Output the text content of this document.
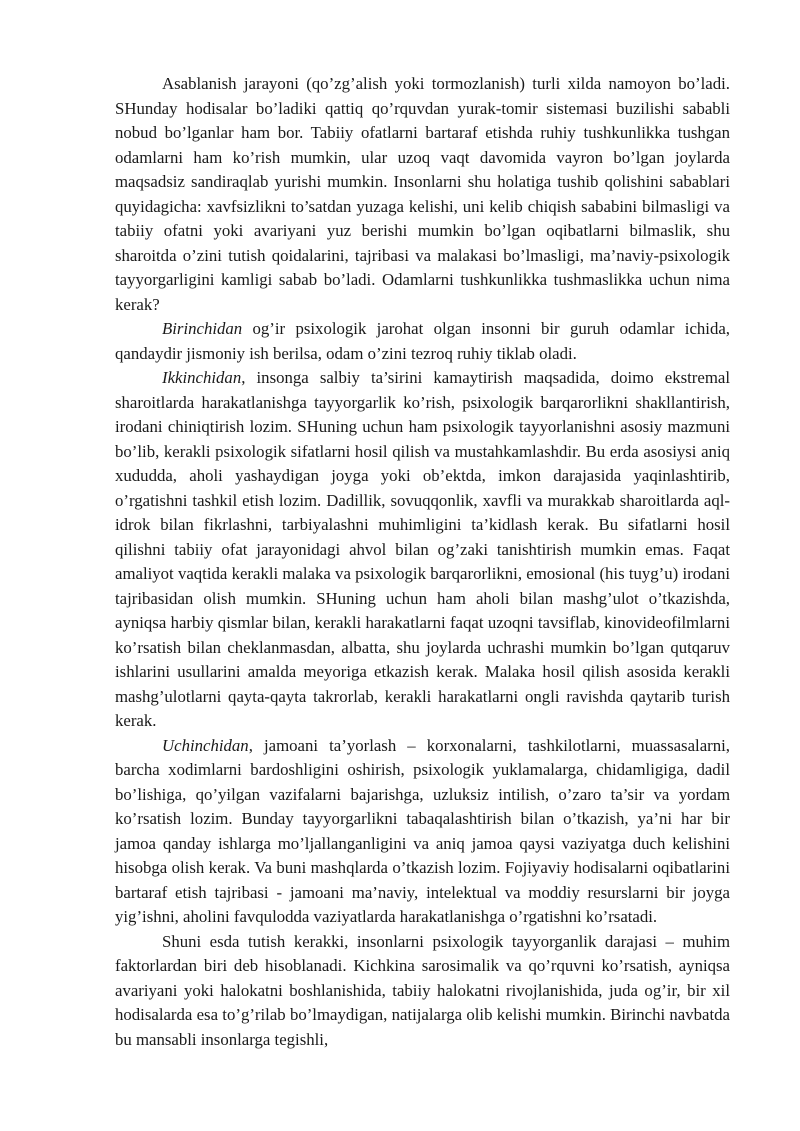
Asablanish jarayoni (qo’zg’alish yoki tormozlanish) turli xilda namoyon bo’ladi. SHunday hodisalar bo’ladiki qattiq qo’rquvdan yurak-tomir sistemasi buzilishi sababli nobud bo’lganlar ham bor. Tabiiy ofatlarni bartaraf etishda ruhiy tushkunlikka tushgan odamlarni ham ko’rish mumkin, ular uzoq vaqt davomida vayron bo’lgan joylarda maqsadsiz sandiraqlab yurishi mumkin. Insonlarni shu holatiga tushib qolishini sabablari quyidagicha: xavfsizlikni to’satdan yuzaga kelishi, uni kelib chiqish sababini bilmasligi va tabiiy ofatni yoki avariyani yuz berishi mumkin bo’lgan oqibatlarni bilmaslik, shu sharoitda o’zini tutish qoidalarini, tajribasi va malakasi bo’lmasligi, ma’naviy-psixologik tayyorgarligini kamligi sabab bo’ladi. Odamlarni tushkunlikka tushmaslikka uchun nima kerak?

Birinchidan og’ir psixologik jarohat olgan insonni bir guruh odamlar ichida, qandaydir jismoniy ish berilsa, odam o’zini tezroq ruhiy tiklab oladi.

Ikkinchidan, insonga salbiy ta’sirini kamaytirish maqsadida, doimo ekstremal sharoitlarda harakatlanishga tayyorgarlik ko’rish, psixologik barqarorlikni shakllantirish, irodani chiniqtirish lozim. SHuning uchun ham psixologik tayyorlanishni asosiy mazmuni bo’lib, kerakli psixologik sifatlarni hosil qilish va mustahkamlashdir. Bu erda asosiysi aniq xududda, aholi yashaydigan joyga yoki ob’ektda, imkon darajasida yaqinlashtirib, o’rgatishni tashkil etish lozim. Dadillik, sovuqqonlik, xavfli va murakkab sharoitlarda aql-idrok bilan fikrlashni, tarbiyalashni muhimligini ta’kidlash kerak. Bu sifatlarni hosil qilishni tabiiy ofat jarayonidagi ahvol bilan og’zaki tanishtirish mumkin emas. Faqat amaliyot vaqtida kerakli malaka va psixologik barqarorlikni, emosional (his tuyg’u) irodani tajribasidan olish mumkin. SHuning uchun ham aholi bilan mashg’ulot o’tkazishda, ayniqsa harbiy qismlar bilan, kerakli harakatlarni faqat uzoqni tavsiflab, kinovideofilmlarni ko’rsatish bilan cheklanmasdan, albatta, shu joylarda uchrashi mumkin bo’lgan qutqaruv ishlarini usullarini amalda meyoriga etkazish kerak. Malaka hosil qilish asosida kerakli mashg’ulotlarni qayta-qayta takrorlab, kerakli harakatlarni ongli ravishda qaytarib turish kerak.

Uchinchidan, jamoani ta’yorlash – korxonalarni, tashkilotlarni, muassasalarni, barcha xodimlarni bardoshligini oshirish, psixologik yuklamalarga, chidamligiga, dadil bo’lishiga, qo’yilgan vazifalarni bajarishga, uzluksiz intilish, o’zaro ta’sir va yordam ko’rsatish lozim. Bunday tayyorgarlikni tabaqalashtirish bilan o’tkazish, ya’ni har bir jamoa qanday ishlarga mo’ljallanganligini va aniq jamoa qaysi vaziyatga duch kelishini hisobga olish kerak. Va buni mashqlarda o’tkazish lozim. Fojiyaviy hodisalarni oqibatlarini bartaraf etish tajribasi - jamoani ma’naviy, intelektual va moddiy resurslarni bir joyga yig’ishni, aholini favqulodda vaziyatlarda harakatlanishga o’rgatishni ko’rsatadi.

Shuni esda tutish kerakki, insonlarni psixologik tayyorganlik darajasi – muhim faktorlardan biri deb hisoblanadi. Kichkina sarosimalik va qo’rquvni ko’rsatish, ayniqsa avariyani yoki halokatni boshlanishida, tabiiy halokatni rivojlanishida, juda og’ir, bir xil hodisalarda esa to’g’rilab bo’lmaydigan, natijalarga olib kelishi mumkin. Birinchi navbatda bu mansabli insonlarga tegishli,
